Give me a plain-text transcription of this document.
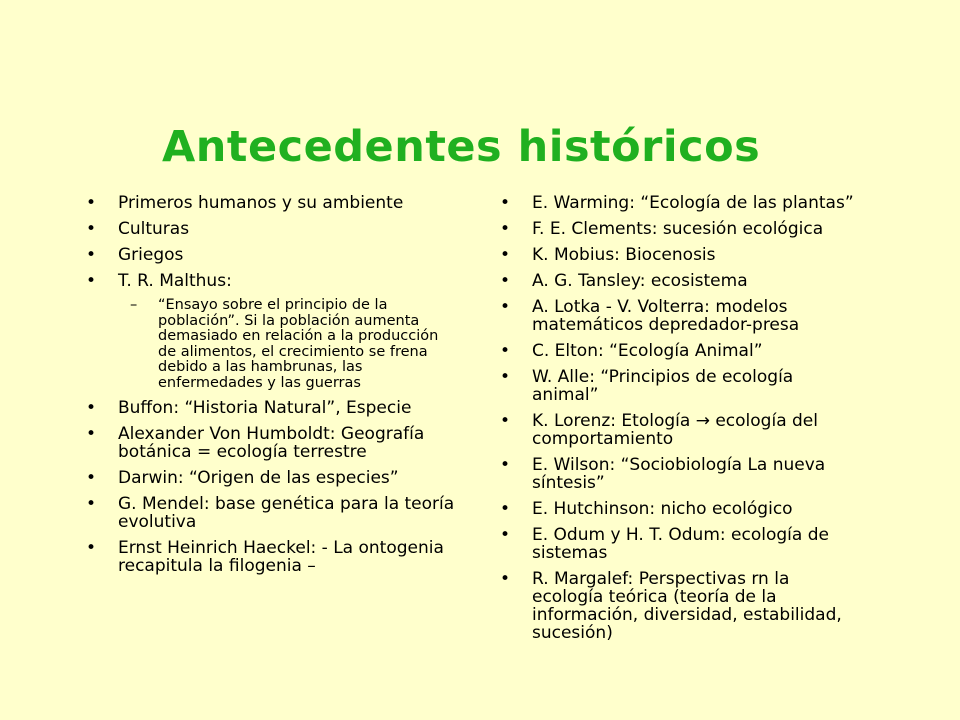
Antecedentes históricos
• Primeros humanos y su ambiente
• Culturas
• Griegos
• T. R. Malthus:
– “Ensayo sobre el principio de la población”. Si la población aumenta demasiado en relación a la producción de alimentos, el crecimiento se frena debido a las hambrunas, las enfermedades y las guerras
• Buffon: “Historia Natural”, Especie
• Alexander Von Humboldt: Geografía botánica = ecología terrestre
• Darwin: “Origen de las especies”
• G. Mendel: base genética para la teoría evolutiva
• Ernst Heinrich Haeckel: - La ontogenia recapitula la filogenia –
• E. Warming: “Ecología de las plantas”
• F. E. Clements: sucesión ecológica
• K. Mobius: Biocenosis
• A. G. Tansley: ecosistema
• A. Lotka - V. Volterra: modelos matemáticos depredador-presa
• C. Elton: “Ecología Animal”
• W. Alle: “Principios de ecología animal”
• K. Lorenz: Etología → ecología del comportamiento
• E. Wilson: “Sociobiología La nueva síntesis”
• E. Hutchinson: nicho ecológico
• E. Odum y H. T. Odum: ecología de sistemas
• R. Margalef: Perspectivas rn la ecología teórica (teoría de la información, diversidad, estabilidad, sucesión)
